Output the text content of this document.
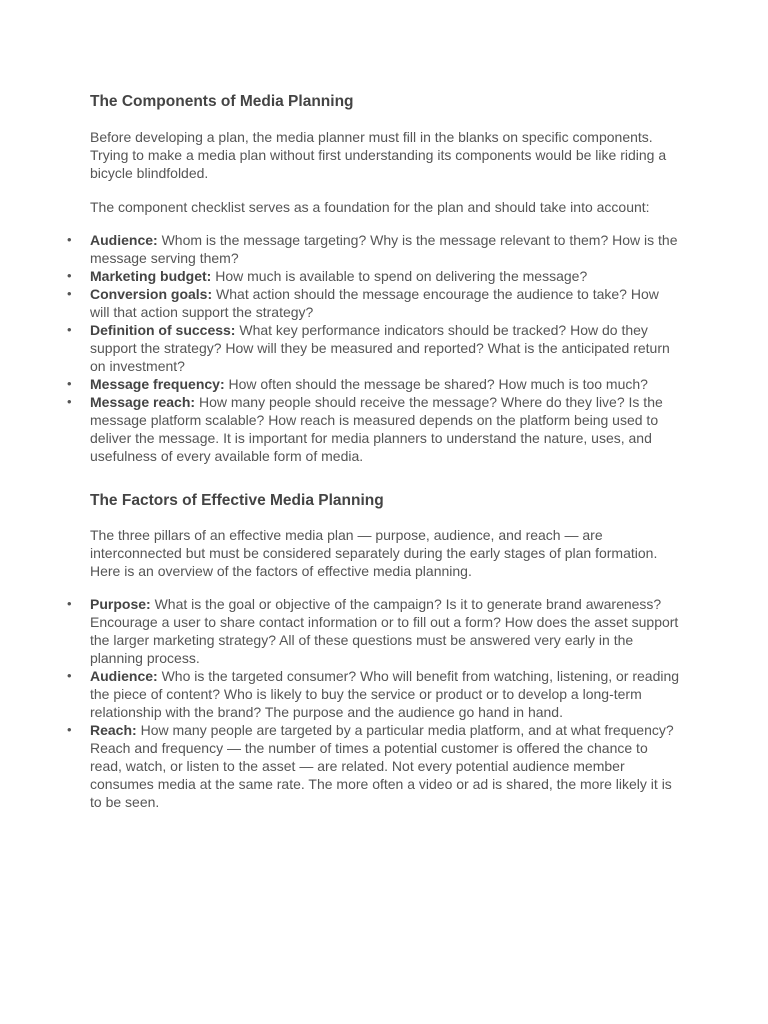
The Components of Media Planning

Before developing a plan, the media planner must fill in the blanks on specific components. Trying to make a media plan without first understanding its components would be like riding a bicycle blindfolded.

The component checklist serves as a foundation for the plan and should take into account:

• Audience: Whom is the message targeting? Why is the message relevant to them? How is the message serving them?
• Marketing budget: How much is available to spend on delivering the message?
• Conversion goals: What action should the message encourage the audience to take? How will that action support the strategy?
• Definition of success: What key performance indicators should be tracked? How do they support the strategy? How will they be measured and reported? What is the anticipated return on investment?
• Message frequency: How often should the message be shared? How much is too much?
• Message reach: How many people should receive the message? Where do they live? Is the message platform scalable? How reach is measured depends on the platform being used to deliver the message. It is important for media planners to understand the nature, uses, and usefulness of every available form of media.
The Factors of Effective Media Planning

The three pillars of an effective media plan — purpose, audience, and reach — are interconnected but must be considered separately during the early stages of plan formation. Here is an overview of the factors of effective media planning.

• Purpose: What is the goal or objective of the campaign? Is it to generate brand awareness? Encourage a user to share contact information or to fill out a form? How does the asset support the larger marketing strategy? All of these questions must be answered very early in the planning process.
• Audience: Who is the targeted consumer? Who will benefit from watching, listening, or reading the piece of content? Who is likely to buy the service or product or to develop a long-term relationship with the brand? The purpose and the audience go hand in hand.
• Reach: How many people are targeted by a particular media platform, and at what frequency? Reach and frequency — the number of times a potential customer is offered the chance to read, watch, or listen to the asset — are related. Not every potential audience member consumes media at the same rate. The more often a video or ad is shared, the more likely it is to be seen.
